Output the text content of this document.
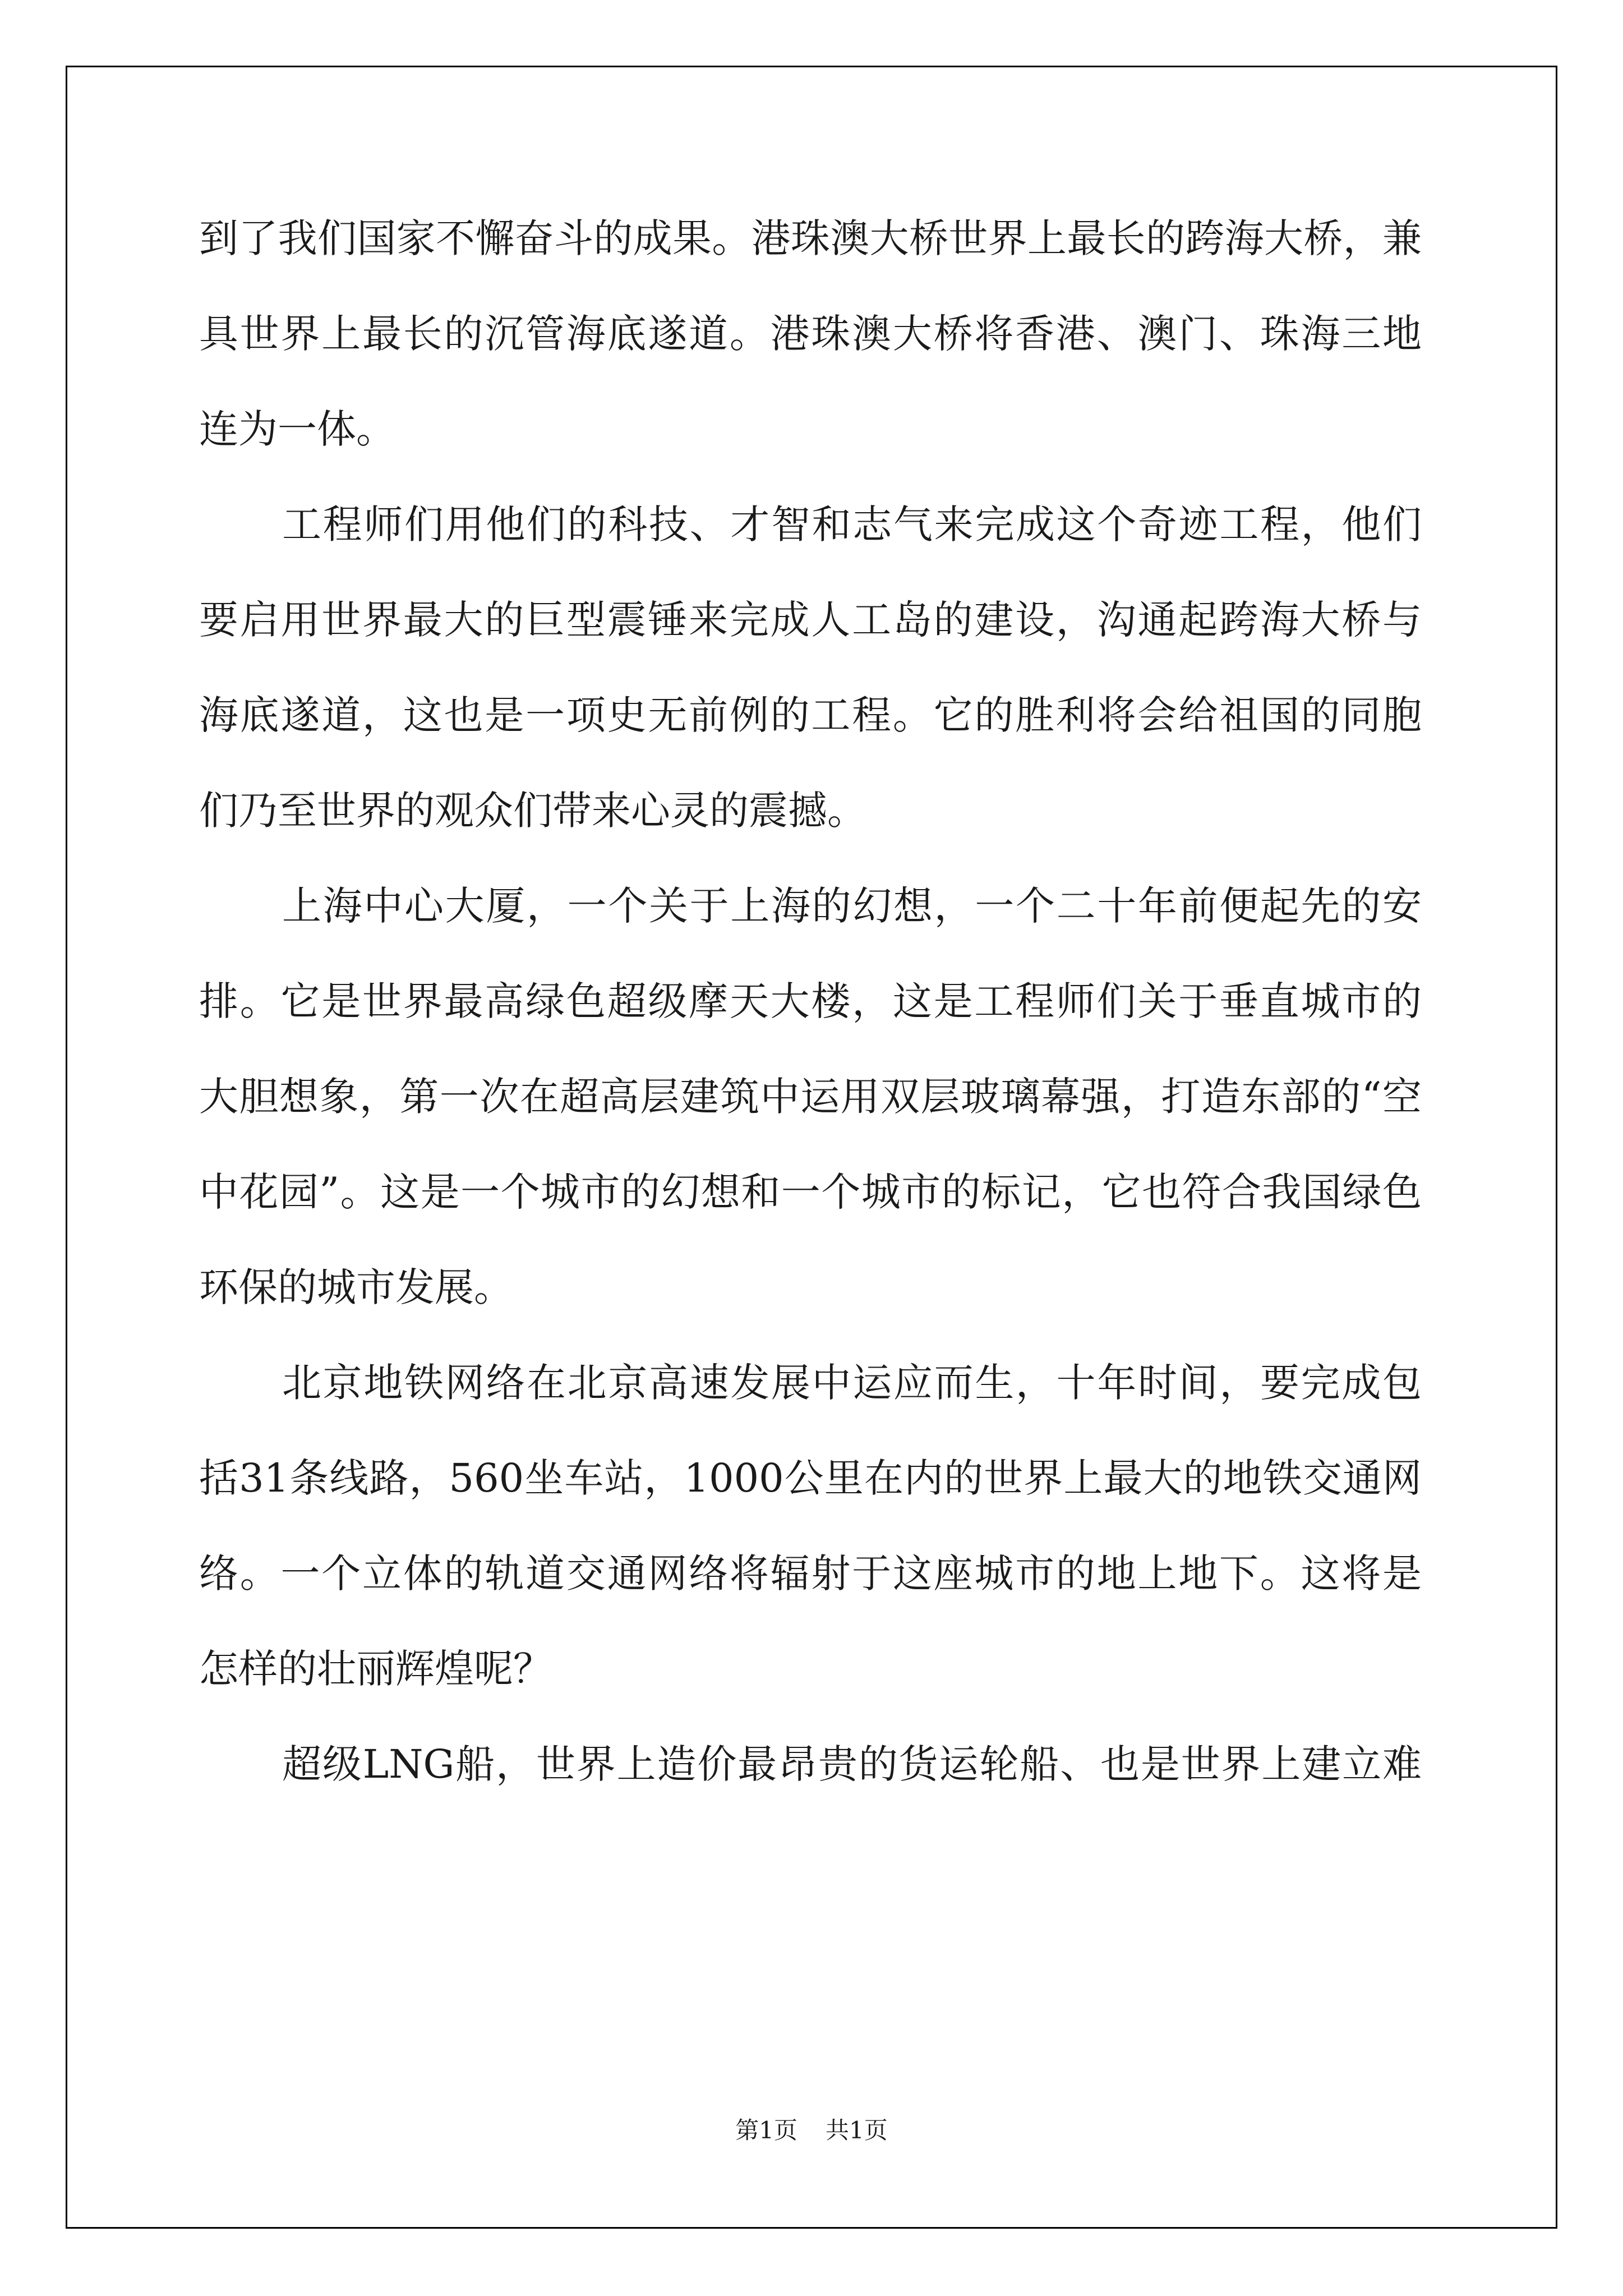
到了我们国家不懈奋斗的成果。港珠澳大桥世界上最长的跨海大桥，兼
具世界上最长的沉管海底遂道。港珠澳大桥将香港、澳门、珠海三地
连为一体。
工程师们用他们的科技、才智和志气来完成这个奇迹工程，他们
要启用世界最大的巨型震锤来完成人工岛的建设，沟通起跨海大桥与
海底遂道，这也是一项史无前例的工程。它的胜利将会给祖国的同胞
们乃至世界的观众们带来心灵的震撼。
上海中心大厦，一个关于上海的幻想，一个二十年前便起先的安
排。它是世界最高绿色超级摩天大楼，这是工程师们关于垂直城市的
大胆想象，第一次在超高层建筑中运用双层玻璃幕强，打造东部的“空
中花园”。这是一个城市的幻想和一个城市的标记，它也符合我国绿色
环保的城市发展。
北京地铁网络在北京高速发展中运应而生，十年时间，要完成包
括31条线路，560坐车站，1000公里在内的世界上最大的地铁交通网
络。一个立体的轨道交通网络将辐射于这座城市的地上地下。这将是
怎样的壮丽辉煌呢？
超级LNG船，世界上造价最昂贵的货运轮船、也是世界上建立难
第1页 共1页
